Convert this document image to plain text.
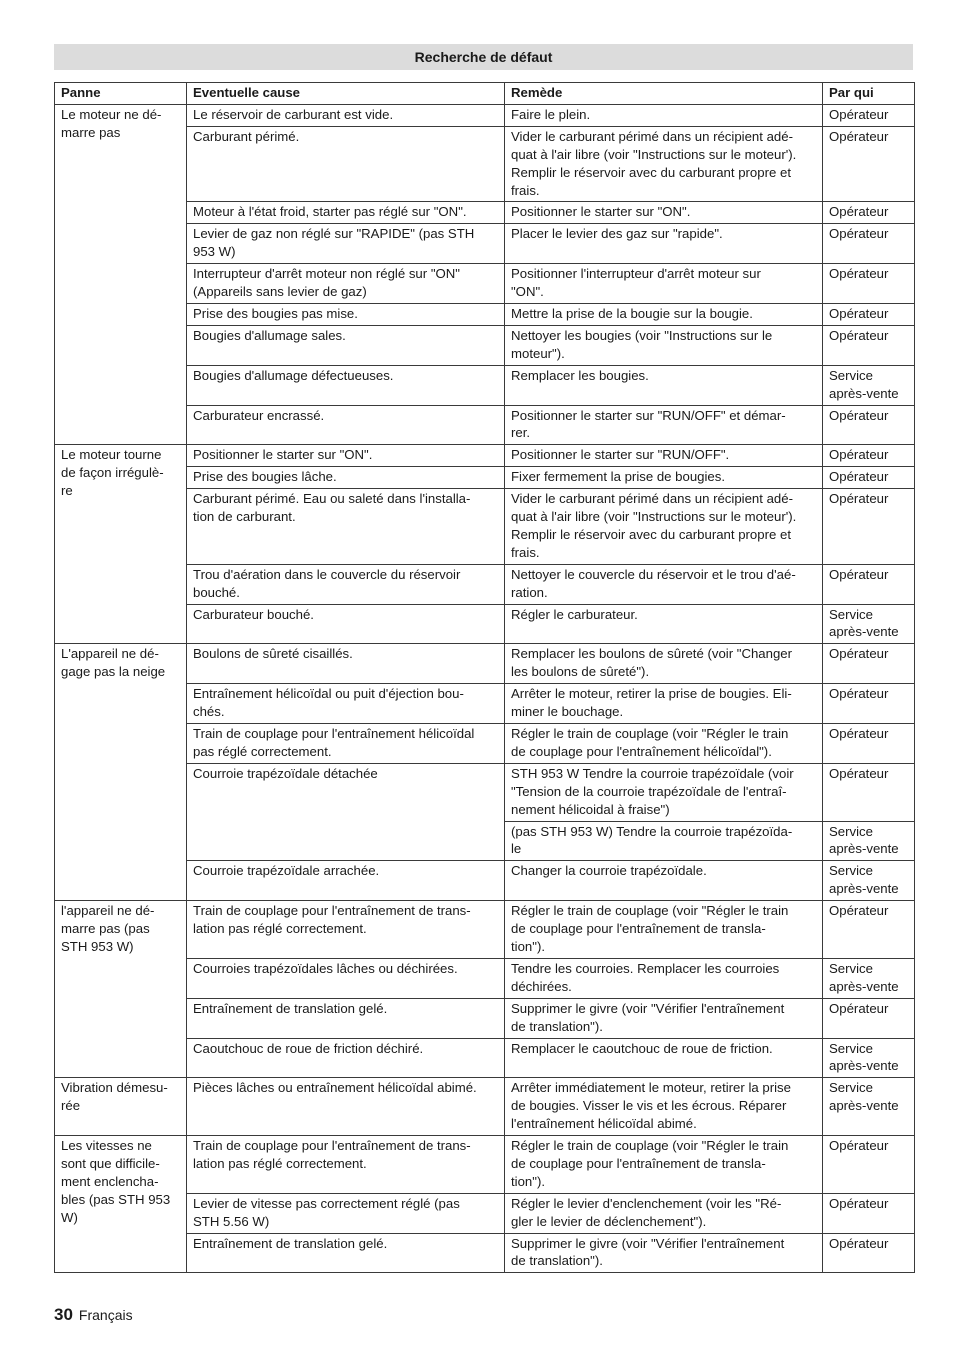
Recherche de défaut
Panne	Eventuelle cause	Remède	Par qui
Le moteur ne dé-
marre pas	Le réservoir de carburant est vide.	Faire le plein.	Opérateur
	Carburant périmé.	Vider le carburant périmé dans un récipient adé-
quat à l'air libre (voir "Instructions sur le moteur').
Remplir le réservoir avec du carburant propre et
frais.	Opérateur
	Moteur à l'état froid, starter pas réglé sur "ON".	Positionner le starter sur "ON".	Opérateur
	Levier de gaz non réglé sur "RAPIDE" (pas STH
953 W)	Placer le levier des gaz sur "rapide".	Opérateur
	Interrupteur d'arrêt moteur non réglé sur "ON"
(Appareils sans levier de gaz)	Positionner l'interrupteur d'arrêt moteur sur
"ON".	Opérateur
	Prise des bougies pas mise.	Mettre la prise de la bougie sur la bougie.	Opérateur
	Bougies d'allumage sales.	Nettoyer les bougies (voir "Instructions sur le
moteur").	Opérateur
	Bougies d'allumage défectueuses.	Remplacer les bougies.	Service
après-vente
	Carburateur encrassé.	Positionner le starter sur "RUN/OFF" et démar-
rer.	Opérateur
Le moteur tourne
de façon irrégulè-
re	Positionner le starter sur "ON".	Positionner le starter sur "RUN/OFF".	Opérateur
	Prise des bougies lâche.	Fixer fermement la prise de bougies.	Opérateur
	Carburant périmé. Eau ou saleté dans l'installa-
tion de carburant.	Vider le carburant périmé dans un récipient adé-
quat à l'air libre (voir "Instructions sur le moteur').
Remplir le réservoir avec du carburant propre et
frais.	Opérateur
	Trou d'aération dans le couvercle du réservoir
bouché.	Nettoyer le couvercle du réservoir et le trou d'aé-
ration.	Opérateur
	Carburateur bouché.	Régler le carburateur.	Service
après-vente
L'appareil ne dé-
gage pas la neige	Boulons de sûreté cisaillés.	Remplacer les boulons de sûreté (voir "Changer
les boulons de sûreté").	Opérateur
	Entraînement hélicoïdal ou puit d'éjection bou-
chés.	Arrêter le moteur, retirer la prise de bougies. Eli-
miner le bouchage.	Opérateur
	Train de couplage pour l'entraînement hélicoïdal
pas réglé correctement.	Régler le train de couplage (voir "Régler le train
de couplage pour l'entraînement hélicoïdal").	Opérateur
	Courroie trapézoïdale détachée	STH 953 W Tendre la courroie trapézoïdale (voir
"Tension de la courroie trapézoïdale de l'entraî-
nement hélicoidal à fraise")	Opérateur
		(pas STH 953 W) Tendre la courroie trapézoïda-
le	Service
après-vente
	Courroie trapézoïdale arrachée.	Changer la courroie trapézoïdale.	Service
après-vente
l'appareil ne dé-
marre pas (pas
STH 953 W)	Train de couplage pour l'entraînement de trans-
lation pas réglé correctement.	Régler le train de couplage (voir "Régler le train
de couplage pour l'entraînement de transla-
tion").	Opérateur
	Courroies trapézoïdales lâches ou déchirées.	Tendre les courroies. Remplacer les courroies
déchirées.	Service
après-vente
	Entraînement de translation gelé.	Supprimer le givre (voir "Vérifier l'entraînement
de translation").	Opérateur
	Caoutchouc de roue de friction déchiré.	Remplacer le caoutchouc de roue de friction.	Service
après-vente
Vibration démesu-
rée	Pièces lâches ou entraînement hélicoïdal abimé.	Arrêter immédiatement le moteur, retirer la prise
de bougies. Visser le vis et les écrous. Réparer
l'entraînement hélicoïdal abimé.	Service
après-vente
Les vitesses ne
sont que difficile-
ment enclencha-
bles (pas STH 953
W)	Train de couplage pour l'entraînement de trans-
lation pas réglé correctement.	Régler le train de couplage (voir "Régler le train
de couplage pour l'entraînement de transla-
tion").	Opérateur
	Levier de vitesse pas correctement réglé (pas
STH 5.56 W)	Régler le levier d'enclenchement (voir les "Ré-
gler le levier de déclenchement").	Opérateur
	Entraînement de translation gelé.	Supprimer le givre (voir "Vérifier l'entraînement
de translation").	Opérateur
30 Français
